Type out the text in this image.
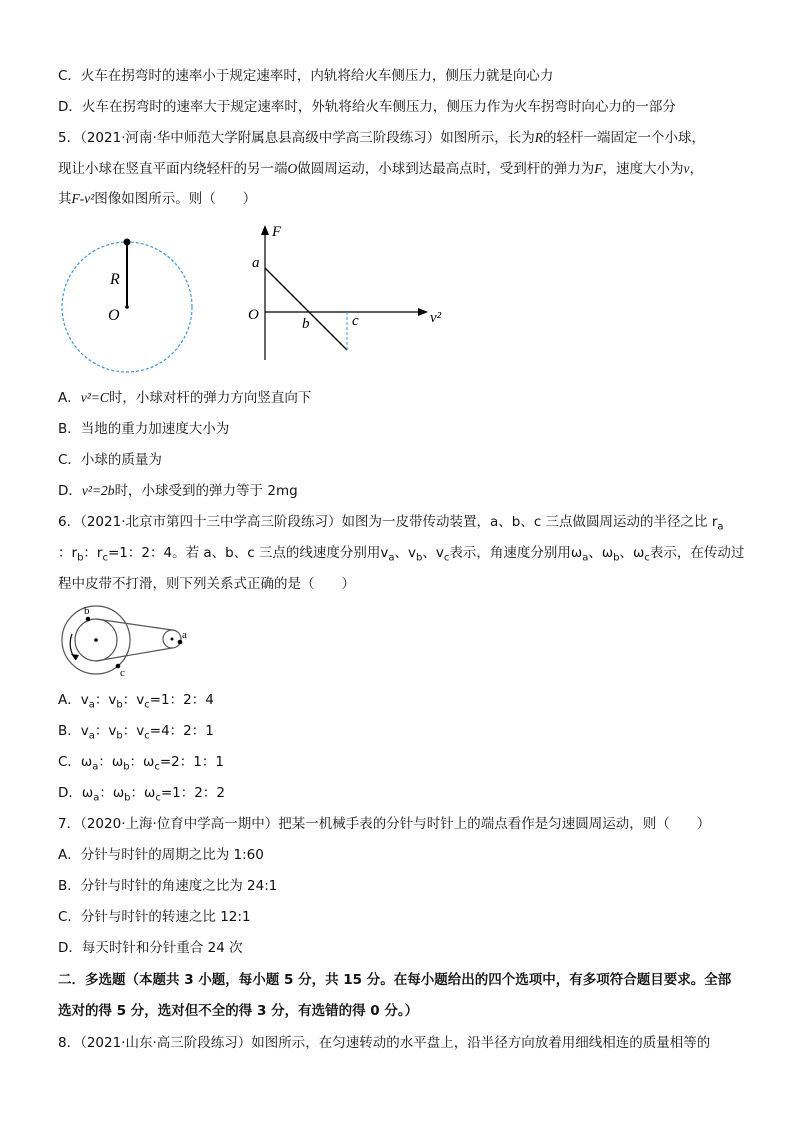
C．火车在拐弯时的速率小于规定速率时，内轨将给火车侧压力，侧压力就是向心力
D．火车在拐弯时的速率大于规定速率时，外轨将给火车侧压力，侧压力作为火车拐弯时向心力的一部分
5．（2021·河南·华中师范大学附属息县高级中学高三阶段练习）如图所示，长为R的轻杆一端固定一个小球，
现让小球在竖直平面内绕轻杆的另一端O做圆周运动，小球到达最高点时，受到杆的弹力为F，速度大小为v，
其F-v²图像如图所示。则（　　）
R
O
F
a
O
b	c	v²
A．v²=C时，小球对杆的弹力方向竖直向下
B．当地的重力加速度大小为
C．小球的质量为
D．v²=2b时，小球受到的弹力等于 2mg
6．（2021·北京市第四十三中学高三阶段练习）如图为一皮带传动装置，a、b、c 三点做圆周运动的半径之比 $r_a$
：$r_b$：$r_c=1$：2：4。若 a、b、c 三点的线速度分别用$v_a$、$v_b$、$v_c$表示，角速度分别用$\omega_a$、$\omega_b$、$\omega_c$表示，在传动过
程中皮带不打滑，则下列关系式正确的是（　　）
b
a
c
A．$v_a$：$v_b$：$v_c=1$：2：4
B．$v_a$：$v_b$：$v_c=4$：2：1
C．$\omega_a$：$\omega_b$：$\omega_c=2$：1：1
D．$\omega_a$：$\omega_b$：$\omega_c=1$：2：2
7．（2020·上海·位育中学高一期中）把某一机械手表的分针与时针上的端点看作是匀速圆周运动，则（　　）
A．分针与时针的周期之比为 1:60
B．分针与时针的角速度之比为 24:1
C．分针与时针的转速之比 12:1
D．每天时针和分针重合 24 次
二．多选题（本题共 3 小题，每小题 5 分，共 15 分。在每小题给出的四个选项中，有多项符合题目要求。全部
选对的得 5 分，选对但不全的得 3 分，有选错的得 0 分。）
8．（2021·山东·高三阶段练习）如图所示，在匀速转动的水平盘上，沿半径方向放着用细线相连的质量相等的
